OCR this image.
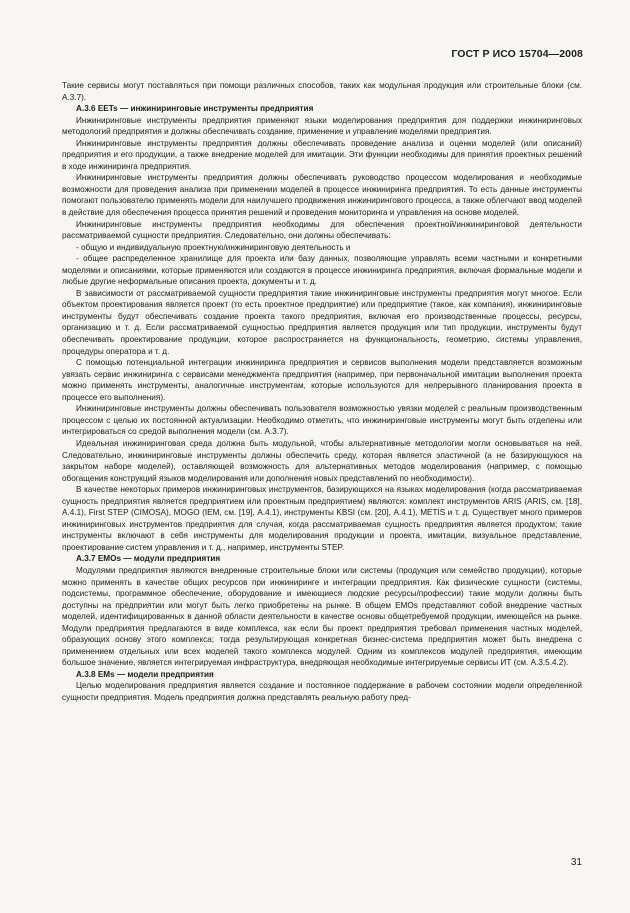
ГОСТ Р ИСО 15704—2008

Такие сервисы могут поставляться при помощи различных способов, таких как модульная продукция или строительные блоки (см. А.3.7).

А.3.6 EETs — инжиниринговые инструменты предприятия

Инжиниринговые инструменты предприятия применяют языки моделирования предприятия для поддержки инжиниринговых методологий предприятия и должны обеспечивать создание, применение и управление моделями предприятия.

Инжиниринговые инструменты предприятия должны обеспечивать проведение анализа и оценки моделей (или описаний) предприятия и его продукции, а также внедрение моделей для имитации. Эти функции необходимы для принятия проектных решений в ходе инжиниринга предприятия.

Инжиниринговые инструменты предприятия должны обеспечивать руководство процессом моделирования и необходимые возможности для проведения анализа при применении моделей в процессе инжиниринга предприятия. То есть данные инструменты помогают пользователю применять модели для наилучшего продвижения инжинирингового процесса, а также облегчают ввод моделей в действие для обеспечения процесса принятия решений и проведения мониторинга и управления на основе моделей.

Инжиниринговые инструменты предприятия необходимы для обеспечения проектной/инжиниринговой деятельности рассматриваемой сущности предприятия. Следовательно, они должны обеспечивать:

- общую и индивидуальную проектную/инжиниринговую деятельность и

- общее распределенное хранилище для проекта или базу данных, позволяющие управлять всеми частными и конкретными моделями и описаниями, которые применяются или создаются в процессе инжиниринга предприятия, включая формальные модели и любые другие неформальные описания проекта, документы и т. д.

В зависимости от рассматриваемой сущности предприятия такие инжиниринговые инструменты предприятия могут многое. Если объектом проектирования является проект (то есть проектное предприятие) или предприятие (такое, как компания), инжиниринговые инструменты будут обеспечивать создание проекта такого предприятия, включая его производственные процессы, ресурсы, организацию и т. д. Если рассматриваемой сущностью предприятия является продукция или тип продукции, инструменты будут обеспечивать проектирование продукции, которое распространяется на функциональность, геометрию, системы управления, процедуры оператора и т. д.

С помощью потенциальной интеграции инжиниринга предприятия и сервисов выполнения модели представляется возможным увязать сервис инжиниринга с сервисами менеджмента предприятия (например, при первоначальной имитации выполнения проекта можно применять инструменты, аналогичные инструментам, которые используются для непрерывного планирования проекта в процессе его выполнения).

Инжиниринговые инструменты должны обеспечивать пользователя возможностью увязки моделей с реальным производственным процессом с целью их постоянной актуализации. Необходимо отметить, что инжиниринговые инструменты могут быть отделены или интегрироваться со средой выполнения модели (см. А.3.7).

Идеальная инжиниринговая среда должна быть модульной, чтобы альтернативные методологии могли основываться на ней. Следовательно, инжиниринговые инструменты должны обеспечить среду, которая является эластичной (а не базирующуюся на закрытом наборе моделей), оставляющей возможность для альтернативных методов моделирования (например, с помощью обогащения конструкций языков моделирования или дополнения новых представлений по необходимости).

В качестве некоторых примеров инжиниринговых инструментов, базирующихся на языках моделирования (когда рассматриваемая сущность предприятия является предприятием или проектным предприятием) являются: комплект инструментов ARIS (ARIS, см. [18], А.4.1), First STEP (CIMOSA), MOGO (IEM, см. [19], А.4.1), инструменты KBSI (см. [20], А.4.1), METIS и т. д. Существует много примеров инжиниринговых инструментов предприятия для случая, когда рассматриваемая сущность предприятия является продуктом; такие инструменты включают в себя инструменты для моделирования продукции и проекта, имитации, визуальное представление, проектирование систем управления и т. д., например, инструменты STEP.

А.3.7 EMOs — модули предприятия

Модулями предприятия являются внедренные строительные блоки или системы (продукция или семейство продукции), которые можно применять в качестве общих ресурсов при инжиниринге и интеграции предприятия. Как физические сущности (системы, подсистемы, программное обеспечение, оборудование и имеющиеся людские ресурсы/профессии) такие модули должны быть доступны на предприятии или могут быть легко приобретены на рынке. В общем EMOs представляют собой внедрение частных моделей, идентифицированных в данной области деятельности в качестве основы общетребуемой продукции, имеющейся на рынке. Модули предприятия предлагаются в виде комплекса, как если бы проект предприятия требовал применения частных моделей, образующих основу этого комплекса; тогда результирующая конкретная бизнес-система предприятия может быть внедрена с применением отдельных или всех моделей такого комплекса модулей. Одним из комплексов модулей предприятия, имеющим большое значение, является интегрируемая инфраструктура, внедряющая необходимые интегрируемые сервисы ИТ (см. А.3.5.4.2).

А.3.8 EMs — модели предприятия

Целью моделирования предприятия является создание и постоянное поддержание в рабочем состоянии модели определенной сущности предприятия. Модель предприятия должна представлять реальную работу пред-

31
